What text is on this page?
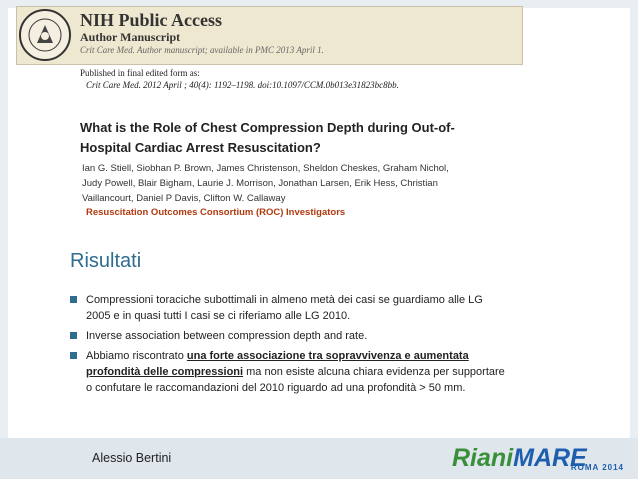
NIH Public Access
Author Manuscript
Crit Care Med. Author manuscript; available in PMC 2013 April 1.
Published in final edited form as:
Crit Care Med. 2012 April ; 40(4): 1192–1198. doi:10.1097/CCM.0b013e31823bc8bb.
What is the Role of Chest Compression Depth during Out-of-
Hospital Cardiac Arrest Resuscitation?
Ian G. Stiell, Siobhan P. Brown, James Christenson, Sheldon Cheskes, Graham Nichol,
Judy Powell, Blair Bigham, Laurie J. Morrison, Jonathan Larsen, Erik Hess, Christian
Vaillancourt, Daniel P Davis, Clifton W. Callaway
Resuscitation Outcomes Consortium (ROC) Investigators
Risultati
Compressioni toraciche subottimali in almeno metà dei casi se guardiamo alle LG
2005 e in quasi tutti I casi se ci riferiamo alle LG 2010.
Inverse association between compression depth and rate.
Abbiamo riscontrato una forte associazione tra sopravvivenza e aumentata
profondità delle compressioni ma non esiste alcuna chiara evidenza per supportare
o confutare le raccomandazioni del 2010 riguardo ad una profondità > 50 mm.
Alessio Bertini	RianiMARE
ROMA 2014
